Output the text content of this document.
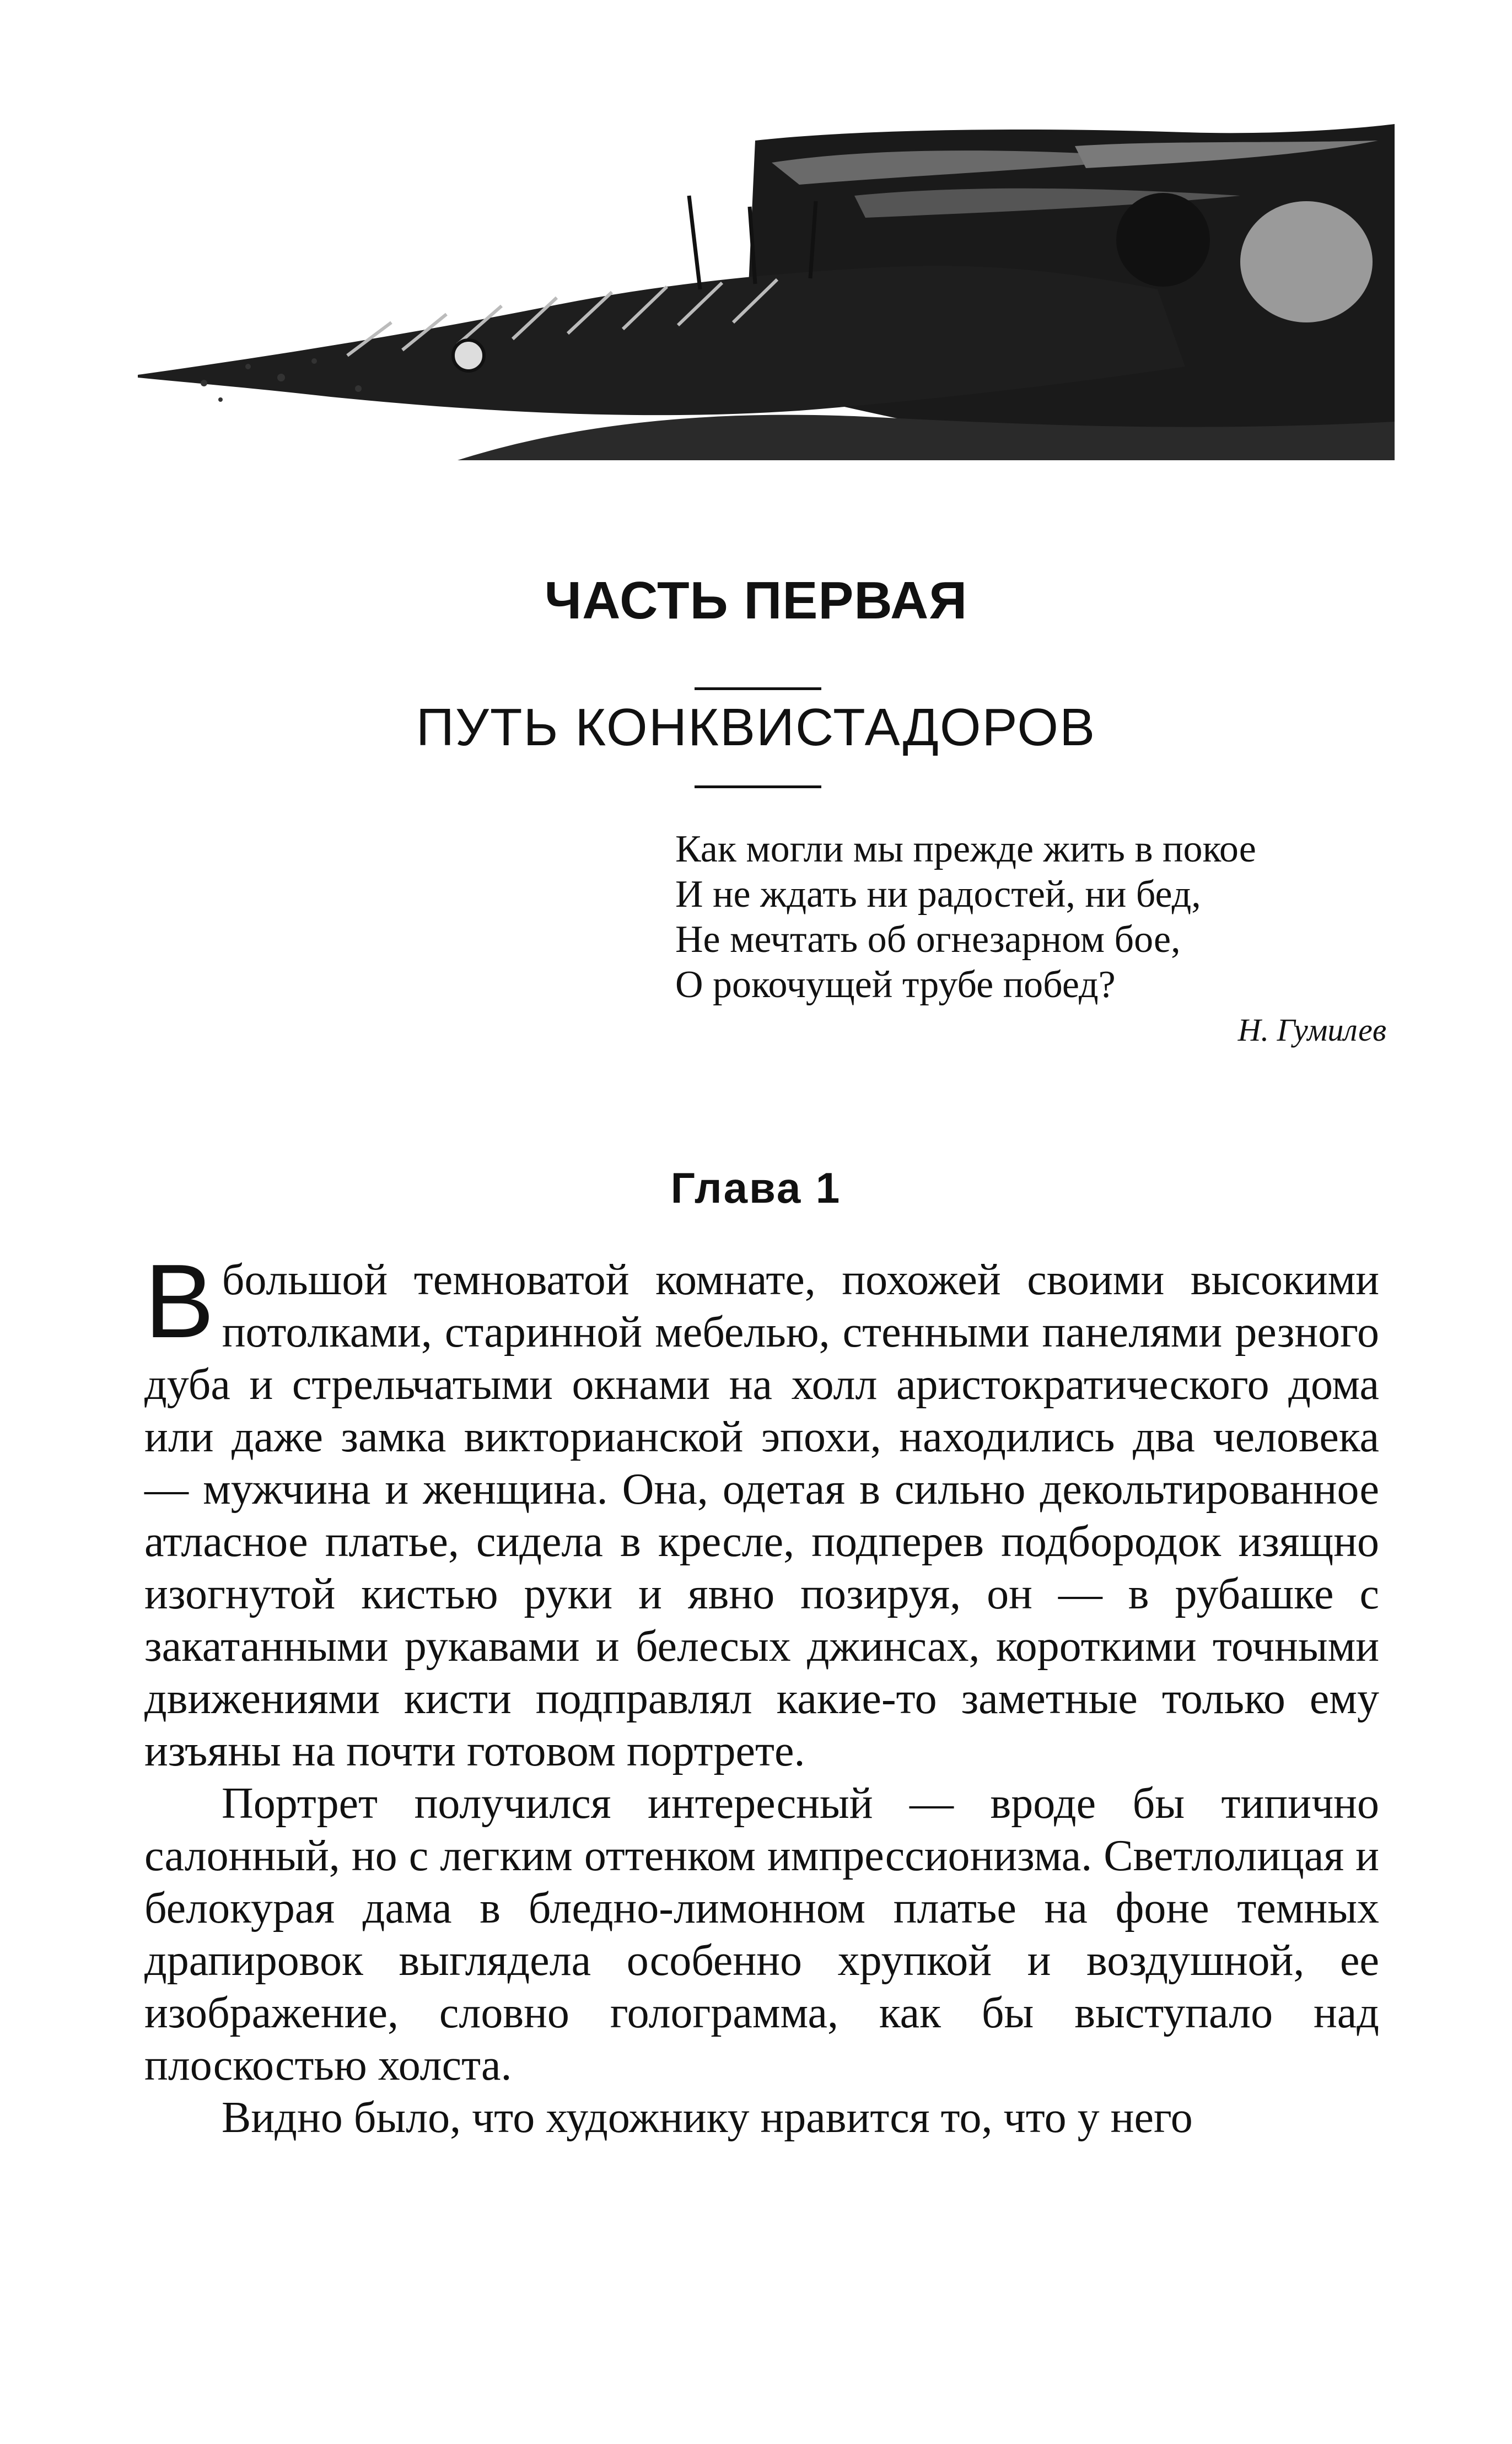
ЧАСТЬ ПЕРВАЯ
ПУТЬ КОНКВИСТАДОРОВ
Как могли мы прежде жить в покое
И не ждать ни радостей, ни бед,
Не мечтать об огнезарном бое,
О рокочущей трубе побед?
Н. Гумилев
Глава 1

Вбольшой темноватой комнате, похожей своими высокими потолками, старинной мебелью, стенными панелями резного дуба и стрельчатыми окнами на холл аристократического дома или даже замка викторианской эпохи, находились два человека — мужчина и женщина. Она, одетая в сильно декольтированное атласное платье, сидела в кресле, подперев подбородок изящно изогнутой кистью руки и явно позируя, он — в рубашке с закатанными рукавами и белесых джинсах, короткими точными движениями кисти подправлял какие-то заметные только ему изъяны на почти готовом портрете.

Портрет получился интересный — вроде бы типично салонный, но с легким оттенком импрессионизма. Светлолицая и белокурая дама в бледно-лимонном платье на фоне темных драпировок выглядела особенно хрупкой и воздушной, ее изображение, словно голограмма, как бы выступало над плоскостью холста.

Видно было, что художнику нравится то, что у него
